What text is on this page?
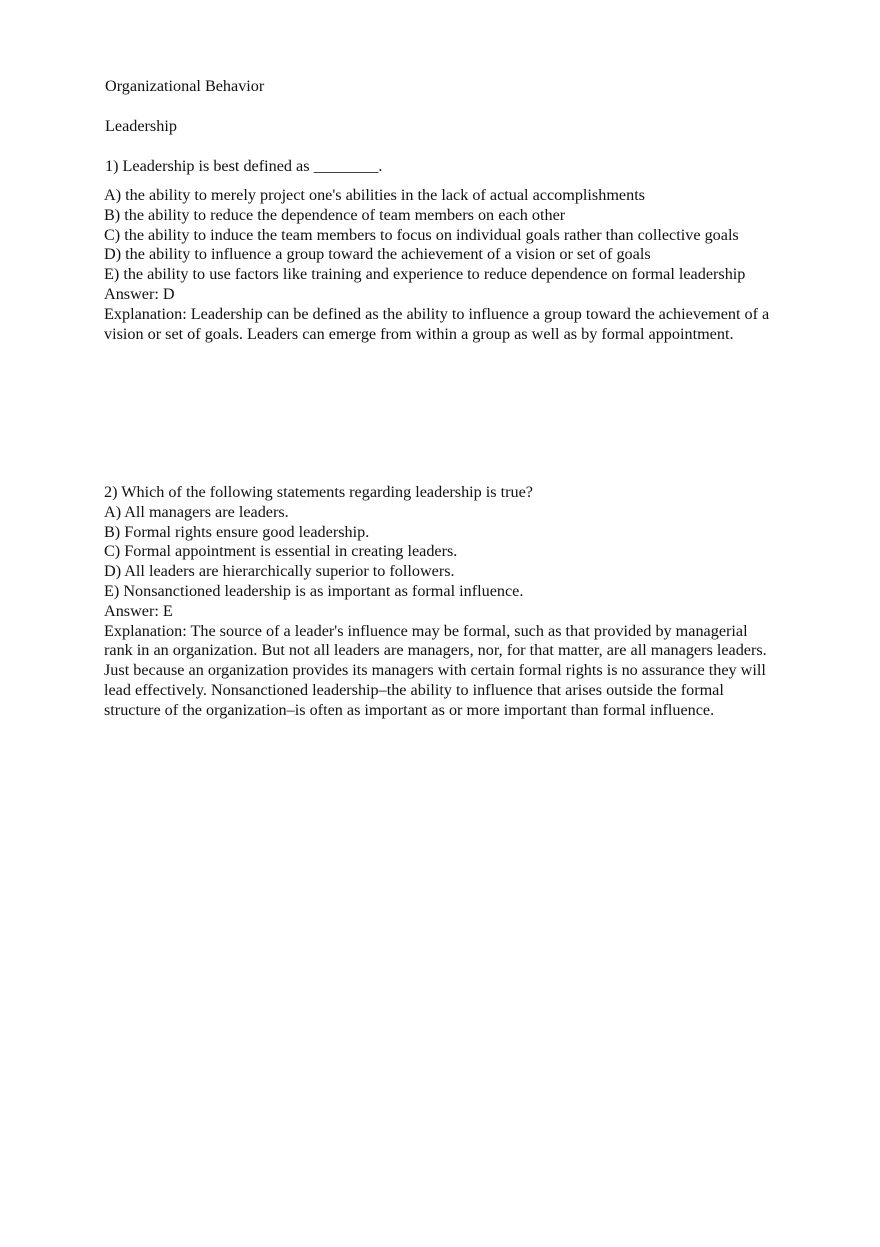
Organizational Behavior
Leadership
1) Leadership is best defined as ________.

A) the ability to merely project one's abilities in the lack of actual accomplishments

B) the ability to reduce the dependence of team members on each other

C) the ability to induce the team members to focus on individual goals rather than collective goals

D) the ability to influence a group toward the achievement of a vision or set of goals

E) the ability to use factors like training and experience to reduce dependence on formal leadership

Answer: D

Explanation: Leadership can be defined as the ability to influence a group toward the achievement of a vision or set of goals. Leaders can emerge from within a group as well as by formal appointment.

2) Which of the following statements regarding leadership is true?

A) All managers are leaders.

B) Formal rights ensure good leadership.

C) Formal appointment is essential in creating leaders.

D) All leaders are hierarchically superior to followers.

E) Nonsanctioned leadership is as important as formal influence.

Answer: E

Explanation: The source of a leader's influence may be formal, such as that provided by managerial rank in an organization. But not all leaders are managers, nor, for that matter, are all managers leaders. Just because an organization provides its managers with certain formal rights is no assurance they will lead effectively. Nonsanctioned leadership–the ability to influence that arises outside the formal structure of the organization–is often as important as or more important than formal influence.
